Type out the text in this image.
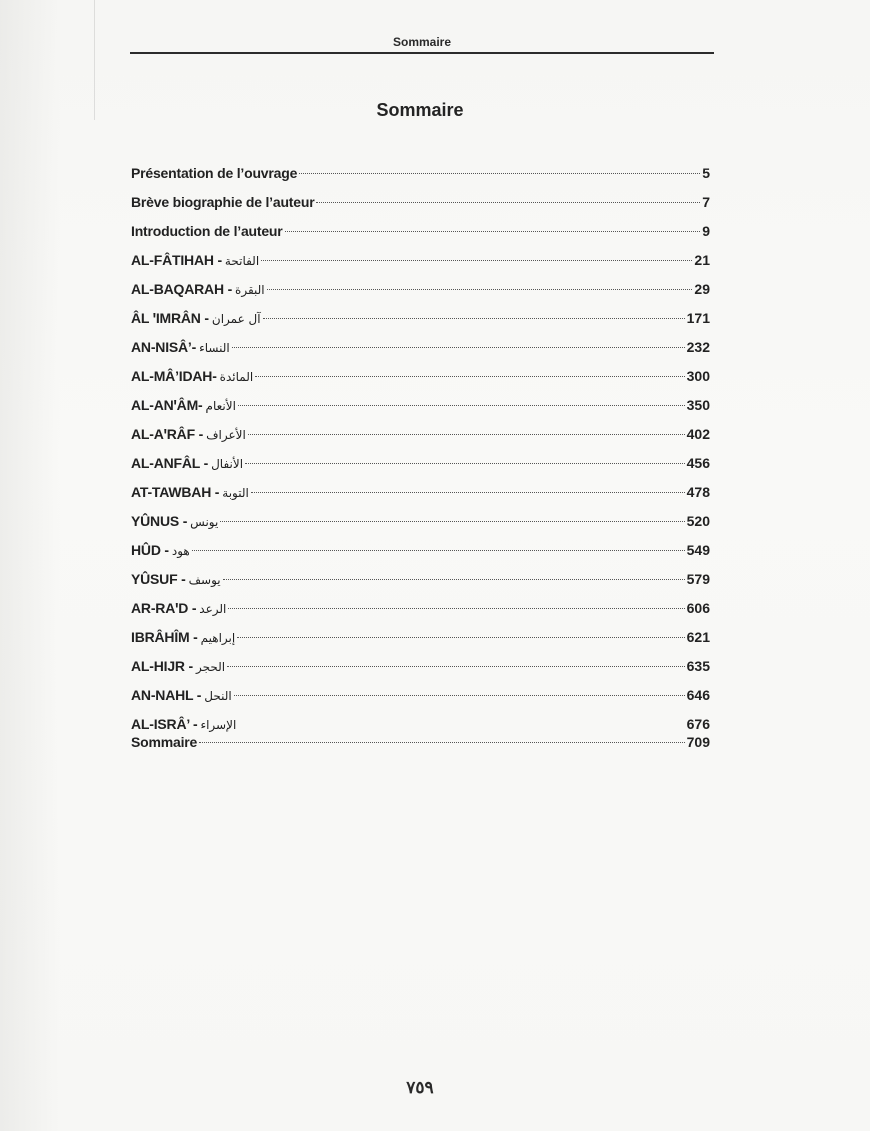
Sommaire
Sommaire
Présentation de l’ouvrage	5
Brève biographie de l’auteur	7
Introduction de l’auteur	9
AL-FÂTIHAH - الفاتحة	21
AL-BAQARAH - البقرة	29
ÂL ꞌIMRÂN - آل عمران	171
AN-NISÂ’- النساء	232
AL-MÂ’IDAH- المائدة	300
AL-ANꞌÂM- الأنعام	350
AL-AꞌRÂF - الأعراف	402
AL-ANFÂL - الأنفال	456
AT-TAWBAH - التوبة	478
YÛNUS - يونس	520
HÛD - هود	549
YÛSUF - يوسف	579
AR-RAꞌD - الرعد	606
IBRÂHÎM - إبراهيم	621
AL-HIJR - الحجر	635
AN-NAHL - النحل	646
AL-ISRÂ’ - الإسراء	676
Sommaire	709
٧٥٩
